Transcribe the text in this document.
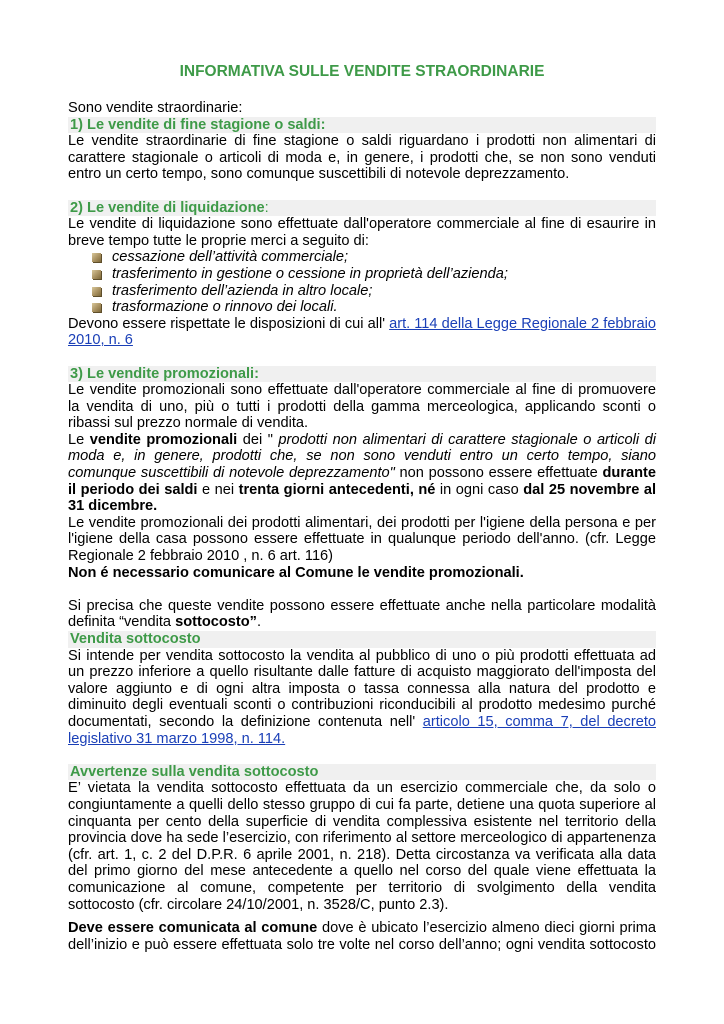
INFORMATIVA SULLE VENDITE STRAORDINARIE

Sono vendite straordinarie:

1) Le vendite di fine stagione o saldi:

Le vendite straordinarie di fine stagione o saldi riguardano i prodotti non alimentari di carattere stagionale o articoli di moda e, in genere, i prodotti che, se non sono venduti entro un certo tempo, sono comunque suscettibili di notevole deprezzamento.

2) Le vendite di liquidazione:

Le vendite di liquidazione sono effettuate dall'operatore commerciale al fine di esaurire in breve tempo tutte le proprie merci a seguito di:

cessazione dell’attività commerciale;
trasferimento in gestione o cessione in proprietà dell’azienda;
trasferimento dell’azienda in altro locale;
trasformazione o rinnovo dei locali.

Devono essere rispettate le disposizioni di cui all' art. 114 della Legge Regionale 2 febbraio 2010, n. 6

3) Le vendite promozionali:

Le vendite promozionali sono effettuate dall'operatore commerciale al fine di promuovere la vendita di uno, più o tutti i prodotti della gamma merceologica, applicando sconti o ribassi sul prezzo normale di vendita.

Le vendite promozionali dei " prodotti non alimentari di carattere stagionale o articoli di moda e, in genere, prodotti che, se non sono venduti entro un certo tempo, siano comunque suscettibili di notevole deprezzamento" non possono essere effettuate durante il periodo dei saldi e nei trenta giorni antecedenti, né in ogni caso dal 25 novembre al 31 dicembre.

Le vendite promozionali dei prodotti alimentari, dei prodotti per l'igiene della persona e per l'igiene della casa possono essere effettuate in qualunque periodo dell'anno. (cfr. Legge Regionale 2 febbraio 2010 , n. 6 art. 116)

Non é necessario comunicare al Comune le vendite promozionali.

Si precisa che queste vendite possono essere effettuate anche nella particolare modalità definita “vendita sottocosto”.

Vendita sottocosto

Si intende per vendita sottocosto la vendita al pubblico di uno o più prodotti effettuata ad un prezzo inferiore a quello risultante dalle fatture di acquisto maggiorato dell'imposta del valore aggiunto e di ogni altra imposta o tassa connessa alla natura del prodotto e diminuito degli eventuali sconti o contribuzioni riconducibili al prodotto medesimo purché documentati, secondo la definizione contenuta nell' articolo 15, comma 7, del decreto legislativo 31 marzo 1998, n. 114.

Avvertenze sulla vendita sottocosto

E’ vietata la vendita sottocosto effettuata da un esercizio commerciale che, da solo o congiuntamente a quelli dello stesso gruppo di cui fa parte, detiene una quota superiore al cinquanta per cento della superficie di vendita complessiva esistente nel territorio della provincia dove ha sede l’esercizio, con riferimento al settore merceologico di appartenenza (cfr. art. 1, c. 2 del D.P.R. 6 aprile 2001, n. 218). Detta circostanza va verificata alla data del primo giorno del mese antecedente a quello nel corso del quale viene effettuata la comunicazione al comune, competente per territorio di svolgimento della vendita sottocosto (cfr. circolare 24/10/2001, n. 3528/C, punto 2.3).

Deve essere comunicata al comune dove è ubicato l’esercizio almeno dieci giorni prima dell’inizio e può essere effettuata solo tre volte nel corso dell’anno; ogni vendita sottocosto
